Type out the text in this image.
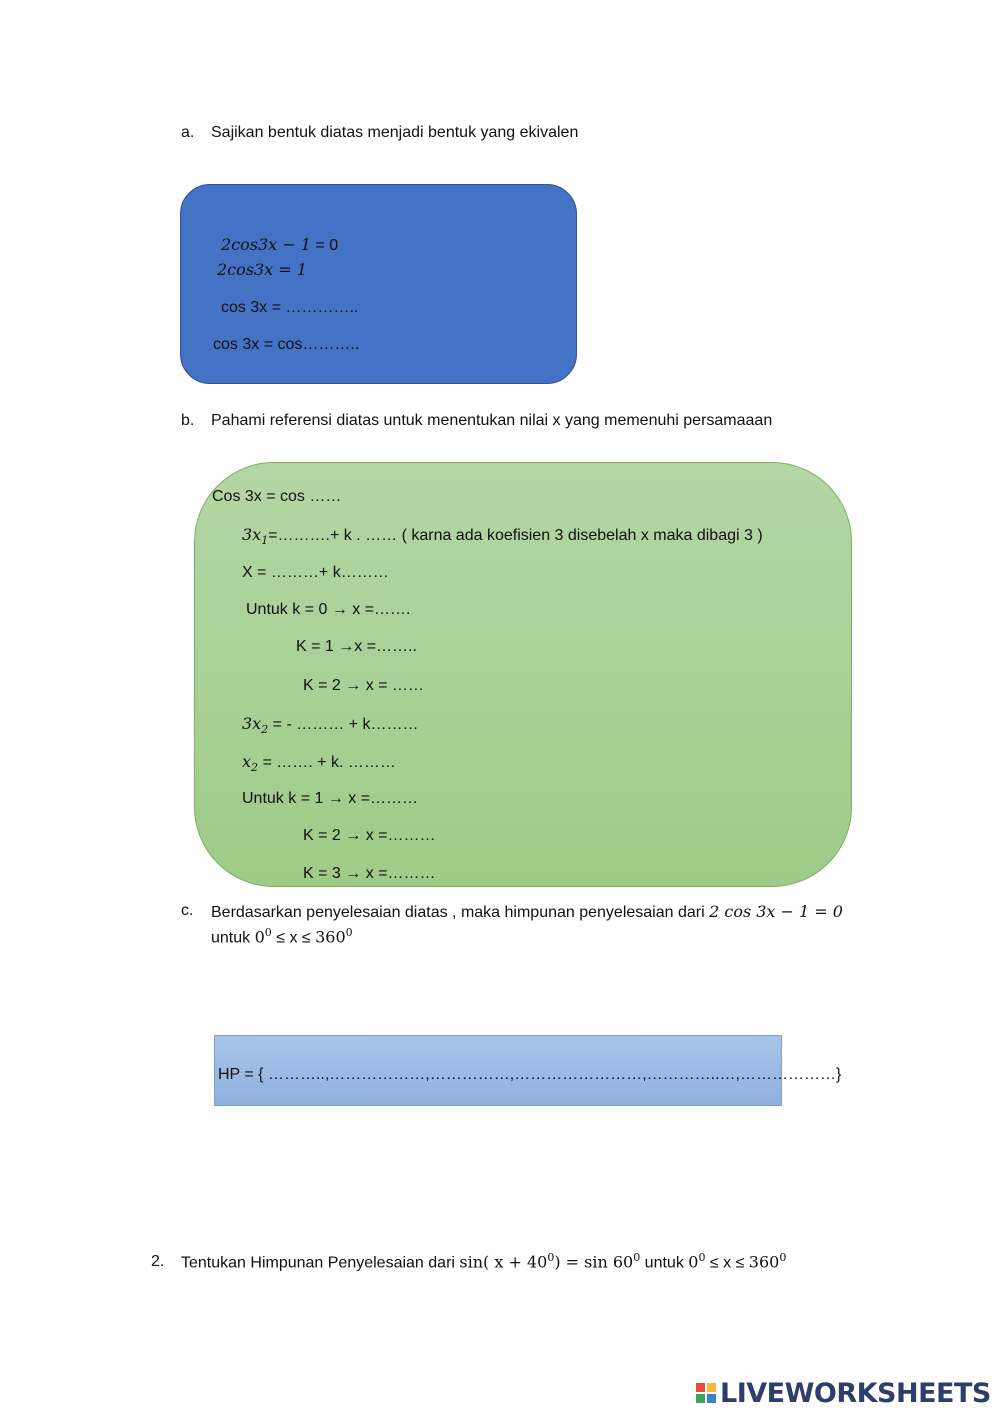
a. Sajikan bentuk diatas menjadi bentuk yang ekivalen
2cos3x − 1 = 0
2cos3x = 1
cos 3x = …………..
cos 3x = cos………..
b. Pahami referensi diatas untuk menentukan nilai x yang memenuhi persamaaan
Cos 3x = cos ……
$3x_1=\dots\dots\dots.+ k$ . …… ( karna ada koefisien 3 disebelah x maka dibagi 3 )
X = ………+ k………
Untuk k = 0 → x =…….
K = 1 →x =……..
K = 2 → x = ……
$3x_2$ = - ……… + k………
$x_2$ = ……. + k. ………
Untuk k = 1 → x =………
K = 2 → x =………
K = 3 → x =………
c. Berdasarkan penyelesaian diatas , maka himpunan penyelesaian dari 2 cos 3x − 1 = 0
untuk $0^0 \le x \le 360^0$
HP = { ………..,………………,……………,……………………,…………..…,………………}
2. Tentukan Himpunan Penyelesaian dari sin( $x + 40^0) = \sin 60^0$ untuk $0^0 \le x \le 360^0$
LIVEWORKSHEETS
